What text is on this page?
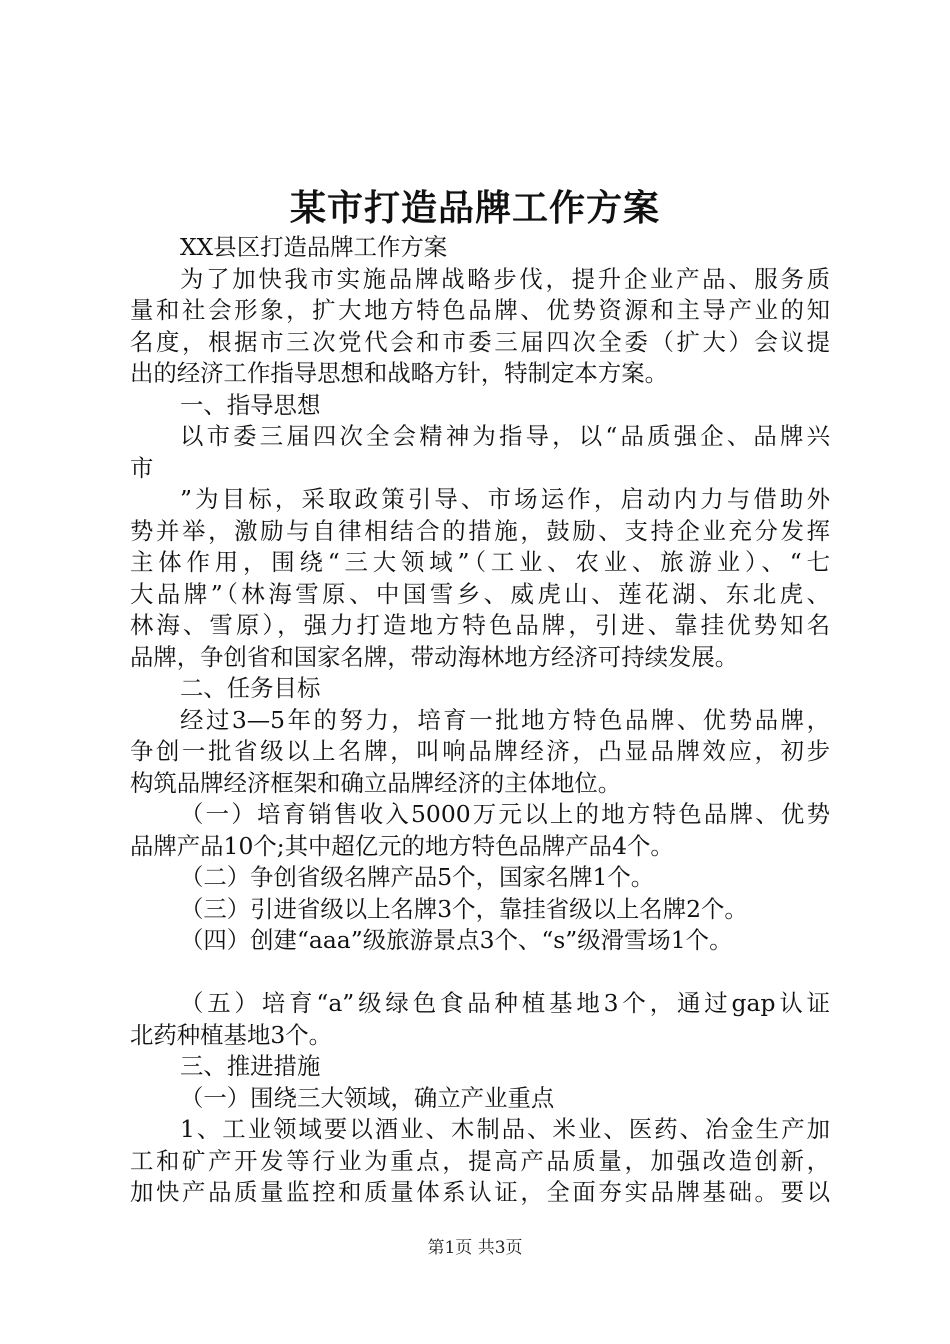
某市打造品牌工作方案
XX县区打造品牌工作方案
为了加快我市实施品牌战略步伐，提升企业产品、服务质
量和社会形象，扩大地方特色品牌、优势资源和主导产业的知
名度，根据市三次党代会和市委三届四次全委（扩大）会议提
出的经济工作指导思想和战略方针，特制定本方案。
一、指导思想
以市委三届四次全会精神为指导，以“品质强企、品牌兴
市
”为目标，采取政策引导、市场运作，启动内力与借助外
势并举，激励与自律相结合的措施，鼓励、支持企业充分发挥
主体作用，围绕“三大领域”（工业、农业、旅游业）、“七
大品牌”（林海雪原、中国雪乡、威虎山、莲花湖、东北虎、
林海、雪原），强力打造地方特色品牌，引进、靠挂优势知名
品牌，争创省和国家名牌，带动海林地方经济可持续发展。
二、任务目标
经过3—5年的努力，培育一批地方特色品牌、优势品牌，
争创一批省级以上名牌，叫响品牌经济，凸显品牌效应，初步
构筑品牌经济框架和确立品牌经济的主体地位。
（一）培育销售收入5000万元以上的地方特色品牌、优势
品牌产品10个;其中超亿元的地方特色品牌产品4个。
（二）争创省级名牌产品5个，国家名牌1个。
（三）引进省级以上名牌3个，靠挂省级以上名牌2个。
（四）创建“aaa”级旅游景点3个、“s”级滑雪场1个。
（五）培育“a”级绿色食品种植基地3个，通过gap认证
北药种植基地3个。
三、推进措施
（一）围绕三大领域，确立产业重点
1、工业领域要以酒业、木制品、米业、医药、冶金生产加
工和矿产开发等行业为重点，提高产品质量，加强改造创新，
加快产品质量监控和质量体系认证，全面夯实品牌基础。要以
第1页 共3页
